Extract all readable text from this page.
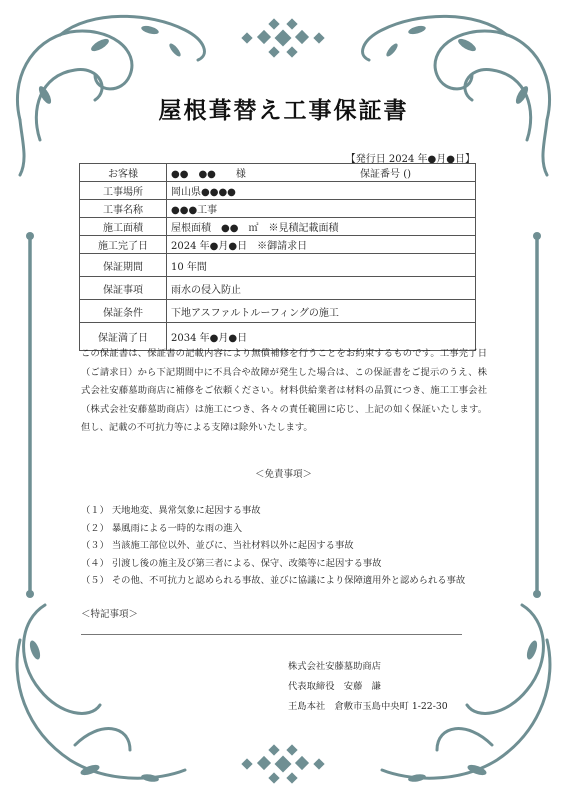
屋根葺替え工事保証書
【発行日 2024 年●月●日】
お客様	●●　●●　　様 保証番号 ()

工事場所	岡山県●●●●
工事名称	●●●工事
施工面積	屋根面積　●●　㎡　※見積記載面積
施工完了日	2024 年●月●日　※御請求日
保証期間	10 年間
保証事項	雨水の侵入防止
保証条件	下地アスファルトルーフィングの施工
保証満了日	2034 年●月●日
この保証書は、保証書の記載内容により無償補修を行うことをお約束するものです。工事完了日（ご請求日）から下記期間中に不具合や故障が発生した場合は、この保証書をご提示のうえ、株式会社安藤墓助商店に補修をご依頼ください。材料供給業者は材料の品質につき、施工工事会社（株式会社安藤墓助商店）は施工につき、各々の責任範囲に応じ、上記の如く保証いたします。但し、記載の不可抗力等による支障は除外いたします。
＜免責事項＞
（１） 天地地変、異常気象に起因する事故
（２） 暴風雨による一時的な雨の進入
（３） 当該施工部位以外、並びに、当社材料以外に起因する事故
（４） 引渡し後の施主及び第三者による、保守、改築等に起因する事故
（５） その他、不可抗力と認められる事故、並びに協議により保障適用外と認められる事故
＜特記事項＞
株式会社安藤墓助商店
代表取締役　安藤　謙
王島本社　倉敷市玉島中央町 1-22-30
